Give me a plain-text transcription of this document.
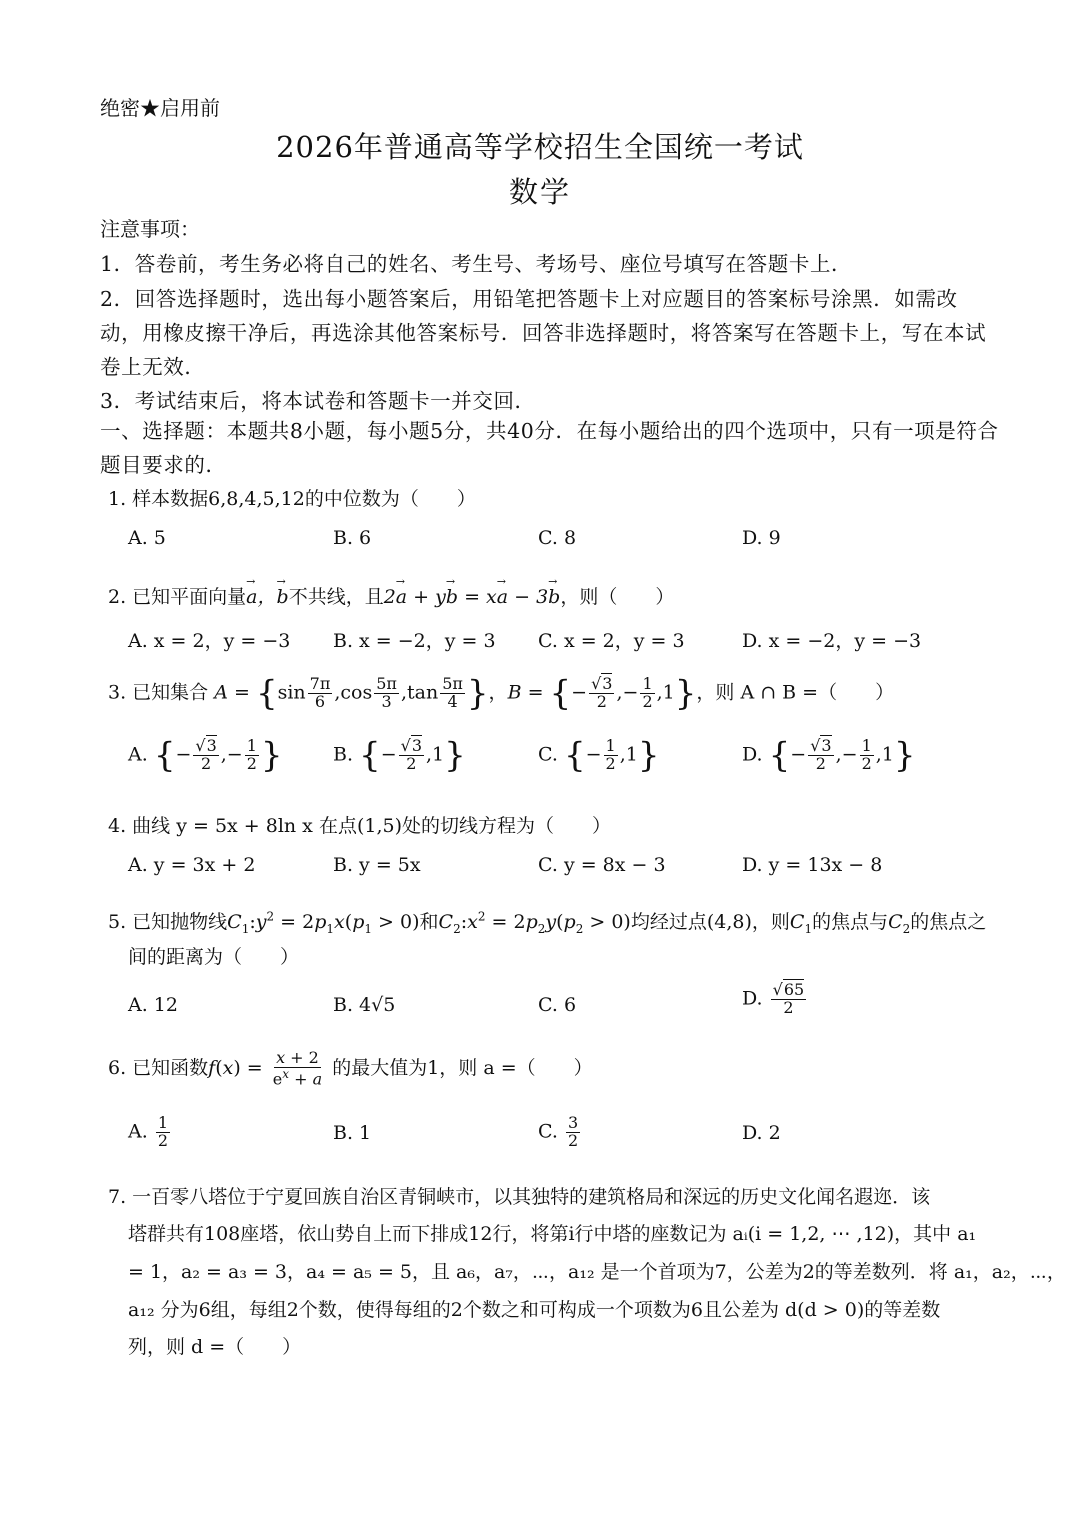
绝密★启用前
2026年普通高等学校招生全国统一考试
数学
注意事项：
1．答卷前，考生务必将自己的姓名、考生号、考场号、座位号填写在答题卡上．
2．回答选择题时，选出每小题答案后，用铅笔把答题卡上对应题目的答案标号涂黑．如需改
动，用橡皮擦干净后，再选涂其他答案标号．回答非选择题时，将答案写在答题卡上，写在本试
卷上无效．
3．考试结束后，将本试卷和答题卡一并交回．
一、选择题：本题共8小题，每小题5分，共40分．在每小题给出的四个选项中，只有一项是符合
题目要求的．
1. 样本数据6,8,4,5,12的中位数为（　　）
A. 5	B. 6	C. 8	D. 9
2. 已知平面向量→ a，→ b不共线，且2→ a + y→ b = x→ a − 3→ b，则（　　）
A. x = 2，y = −3 B. x = −2，y = 3 C. x = 2，y = 3	D. x = −2，y = −3
3. 已知集合 $A = \{\sin \frac{7\pi}{6} ,\cos \frac{5\pi}{3} ,\tan \frac{5\pi}{4}$ }，B = {− $\frac{√3}{2}$ ,− $\frac{1}{2} ,1$}，则 A ∩ B =（　　）
A. {− $\frac{√3}{2}$ ,− $\frac{1}{2}$ }	B. {− $\frac{√3}{2} ,1$}	C. {− $\frac{1}{2} ,1$}	D. {− $\frac{√3}{2}$ ,− $\frac{1}{2} ,1$}
4. 曲线 y = 5x + 8ln x 在点(1,5)处的切线方程为（　　）
A. y = 3x + 2	B. y = 5x	C. y = 8x − 3	D. y = 13x − 8
5. 已知抛物线$C_1:y^2 = 2p_1x(p_1 > 0)$和$C_2:x^2 = 2p_2y(p_2 > 0)$均经过点(4,8)，则$C_1$的焦点与$C_2$的焦点之
间的距离为（　　）
A. 12	B. 4√5	C. 6	D. $\frac{√65}{2}$
6. 已知函数$f(x) = \frac{x + 2}{e^x + a}$ 的最大值为1，则 a =（　　）
A. $\frac{1}{2}$	B. 1	C. $\frac{3}{2}$	D. 2
7. 一百零八塔位于宁夏回族自治区青铜峡市，以其独特的建筑格局和深远的历史文化闻名遐迩．该
塔群共有108座塔，依山势自上而下排成12行，将第i行中塔的座数记为 aᵢ(i = 1,2, ⋯ ,12)，其中 a₁
= 1，a₂ = a₃ = 3，a₄ = a₅ = 5，且 a₆，a₇，⋯，a₁₂ 是一个首项为7，公差为2的等差数列．将 a₁，a₂，⋯，
a₁₂ 分为6组，每组2个数，使得每组的2个数之和可构成一个项数为6且公差为 d(d > 0)的等差数
列，则 d =（　　）
